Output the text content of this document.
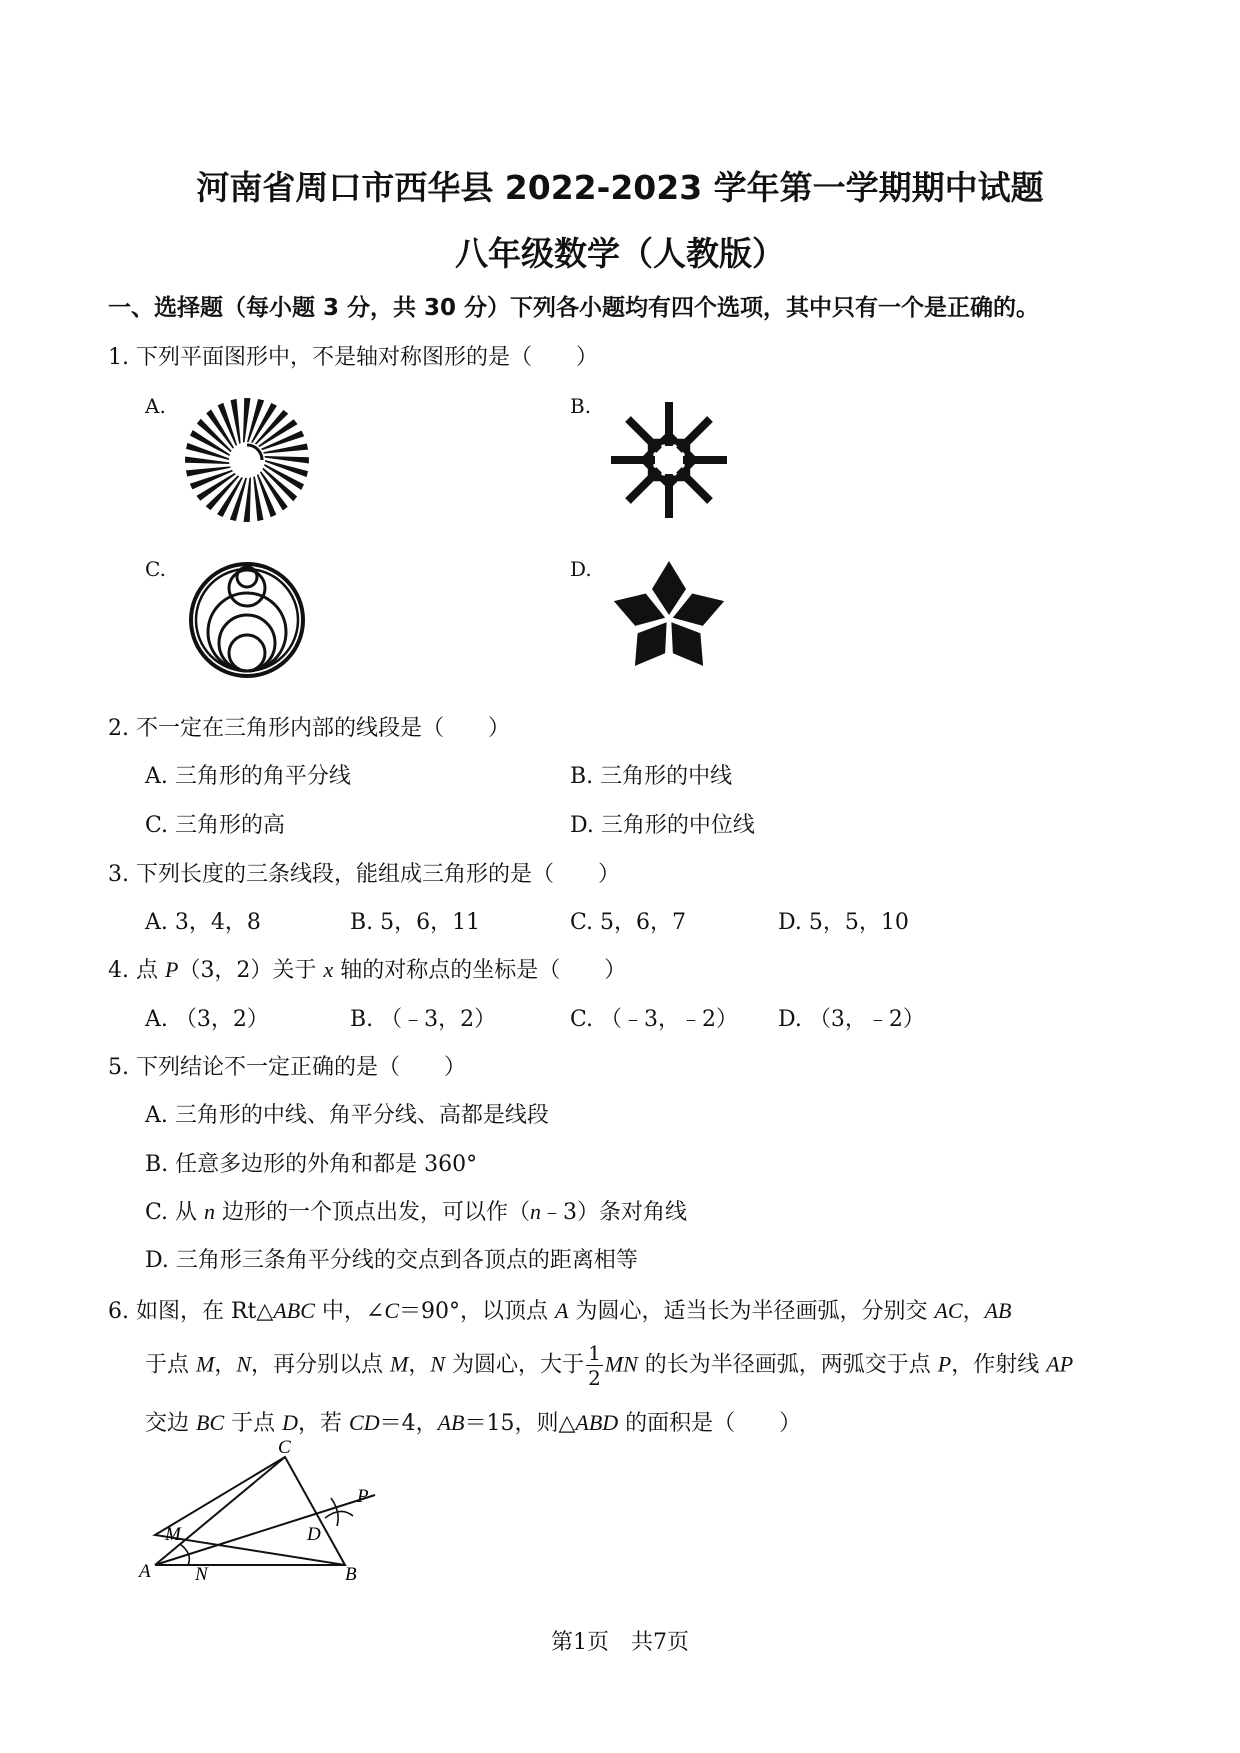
河南省周口市西华县 2022-2023 学年第一学期期中试题
八年级数学（人教版）
一、选择题（每小题 3 分，共 30 分）下列各小题均有四个选项，其中只有一个是正确的。
1. 下列平面图形中，不是轴对称图形的是（　　）
A.	B.
C.	D.
2. 不一定在三角形内部的线段是（　　）
A. 三角形的角平分线	B. 三角形的中线
C. 三角形的高	D. 三角形的中位线
3. 下列长度的三条线段，能组成三角形的是（　　）
A. 3，4，8	B. 5，6，11	C. 5，6，7	D. 5，5，10
4. 点 P（3，2）关于 x 轴的对称点的坐标是（　　）
A. （3，2）	B. （﹣3，2）	C. （﹣3，﹣2） D. （3，﹣2）
5. 下列结论不一定正确的是（　　）
A. 三角形的中线、角平分线、高都是线段
B. 任意多边形的外角和都是 360°
C. 从 n 边形的一个顶点出发，可以作（n﹣3）条对角线
D. 三角形三条角平分线的交点到各顶点的距离相等
6. 如图，在 Rt△ABC 中，∠C＝90°，以顶点 A 为圆心，适当长为半径画弧，分别交 AC，AB
于点 M，N，再分别以点 M，N 为圆心，大于 $\frac{1}{2}$ MN 的长为半径画弧，两弧交于点 P，作射线 AP
交边 BC 于点 D，若 CD＝4，AB＝15，则△ABD 的面积是（　　）
C
P
M	D
A N	B
第1页　共7页
